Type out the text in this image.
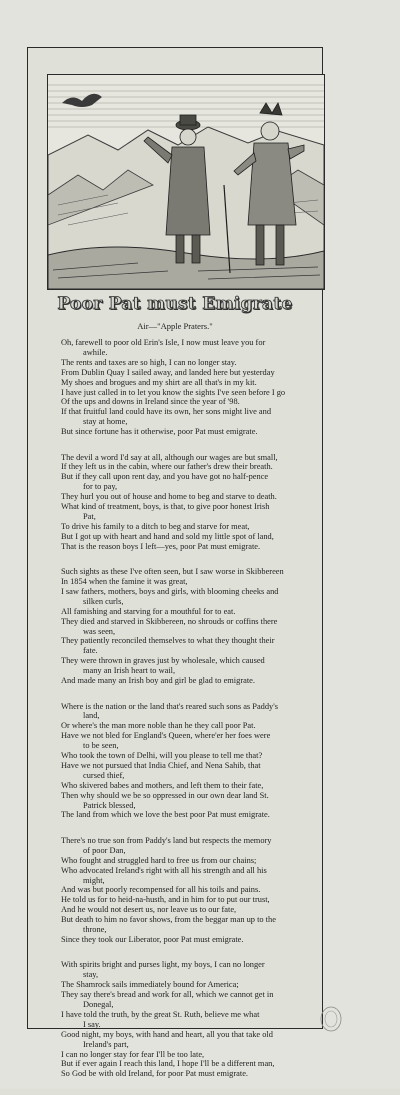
Poor Pat must Emigrate
Air—"Apple Praters."
Oh, farewell to poor old Erin's Isle, I now must leave you for
awhile.
The rents and taxes are so high, I can no longer stay.
From Dublin Quay I sailed away, and landed here but yesterday
My shoes and brogues and my shirt are all that's in my kit.
I have just called in to let you know the sights I've seen before I go
Of the ups and downs in Ireland since the year of '98.
If that fruitful land could have its own, her sons might live and
stay at home,
But since fortune has it otherwise, poor Pat must emigrate.
The devil a word I'd say at all, although our wages are but small,
If they left us in the cabin, where our father's drew their breath.
But if they call upon rent day, and you have got no half-pence
for to pay,
They hurl you out of house and home to beg and starve to death.
What kind of treatment, boys, is that, to give poor honest Irish
Pat,
To drive his family to a ditch to beg and starve for meat,
But I got up with heart and hand and sold my little spot of land,
That is the reason boys I left—yes, poor Pat must emigrate.
Such sights as these I've often seen, but I saw worse in Skibbereen
In 1854 when the famine it was great,
I saw fathers, mothers, boys and girls, with blooming cheeks and
silken curls,
All famishing and starving for a mouthful for to eat.
They died and starved in Skibbereen, no shrouds or coffins there
was seen,
They patiently reconciled themselves to what they thought their
fate.
They were thrown in graves just by wholesale, which caused
many an Irish heart to wail,
And made many an Irish boy and girl be glad to emigrate.
Where is the nation or the land that's reared such sons as Paddy's
land,
Or where's the man more noble than he they call poor Pat.
Have we not bled for England's Queen, where'er her foes were
to be seen,
Who took the town of Delhi, will you please to tell me that?
Have we not pursued that India Chief, and Nena Sahib, that
cursed thief,
Who skivered babes and mothers, and left them to their fate,
Then why should we be so oppressed in our own dear land St.
Patrick blessed,
The land from which we love the best poor Pat must emigrate.
There's no true son from Paddy's land but respects the memory
of poor Dan,
Who fought and struggled hard to free us from our chains;
Who advocated Ireland's right with all his strength and all his
might,
And was but poorly recompensed for all his toils and pains.
He told us for to heid-na-husth, and in him for to put our trust,
And he would not desert us, nor leave us to our fate,
But death to him no favor shows, from the beggar man up to the
throne,
Since they took our Liberator, poor Pat must emigrate.
With spirits bright and purses light, my boys, I can no longer
stay,
The Shamrock sails immediately bound for America;
They say there's bread and work for all, which we cannot get in
Donegal,
I have told the truth, by the great St. Ruth, believe me what
I say.
Good night, my boys, with hand and heart, all you that take old
Ireland's part,
I can no longer stay for fear I'll be too late,
But if ever again I reach this land, I hope I'll be a different man,
So God be with old Ireland, for poor Pat must emigrate.
